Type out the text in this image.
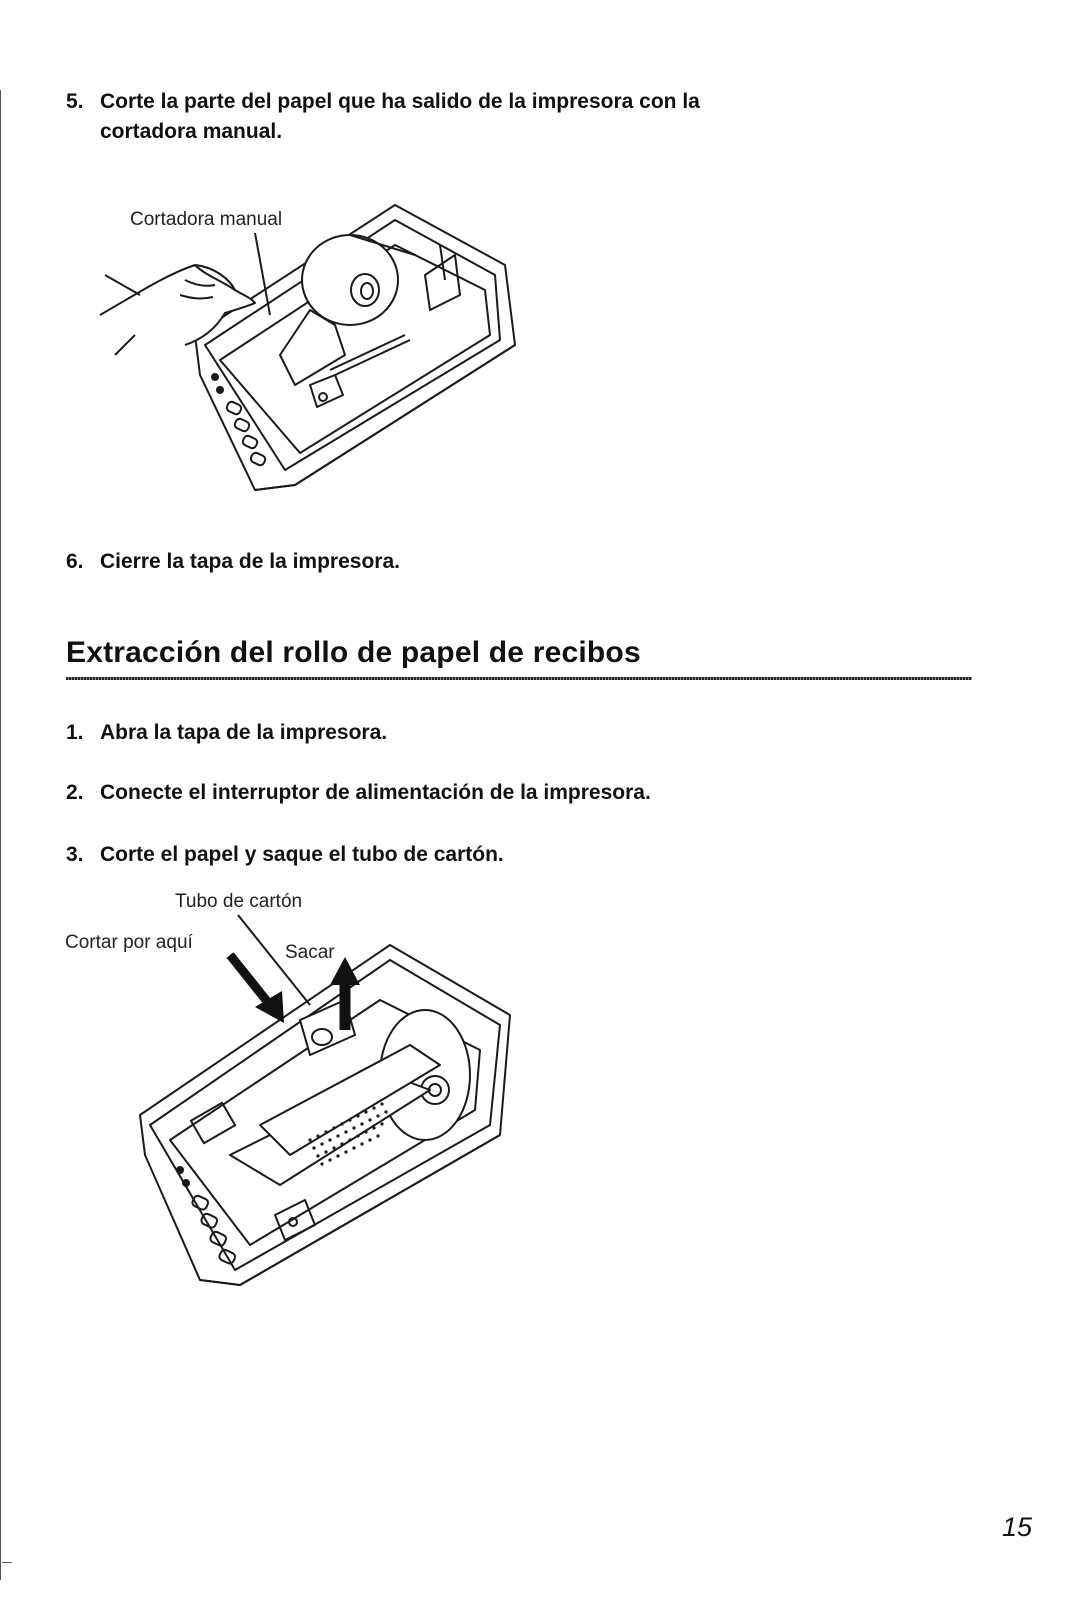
5. Corte la parte del papel que ha salido de la impresora con la
cortadora manual.
Cortadora manual
6. Cierre la tapa de la impresora.
Extracción del rollo de papel de recibos
1. Abra la tapa de la impresora.
2. Conecte el interruptor de alimentación de la impresora.
3. Corte el papel y saque el tubo de cartón.
Tubo de cartón
Cortar por aquí	Sacar
15
